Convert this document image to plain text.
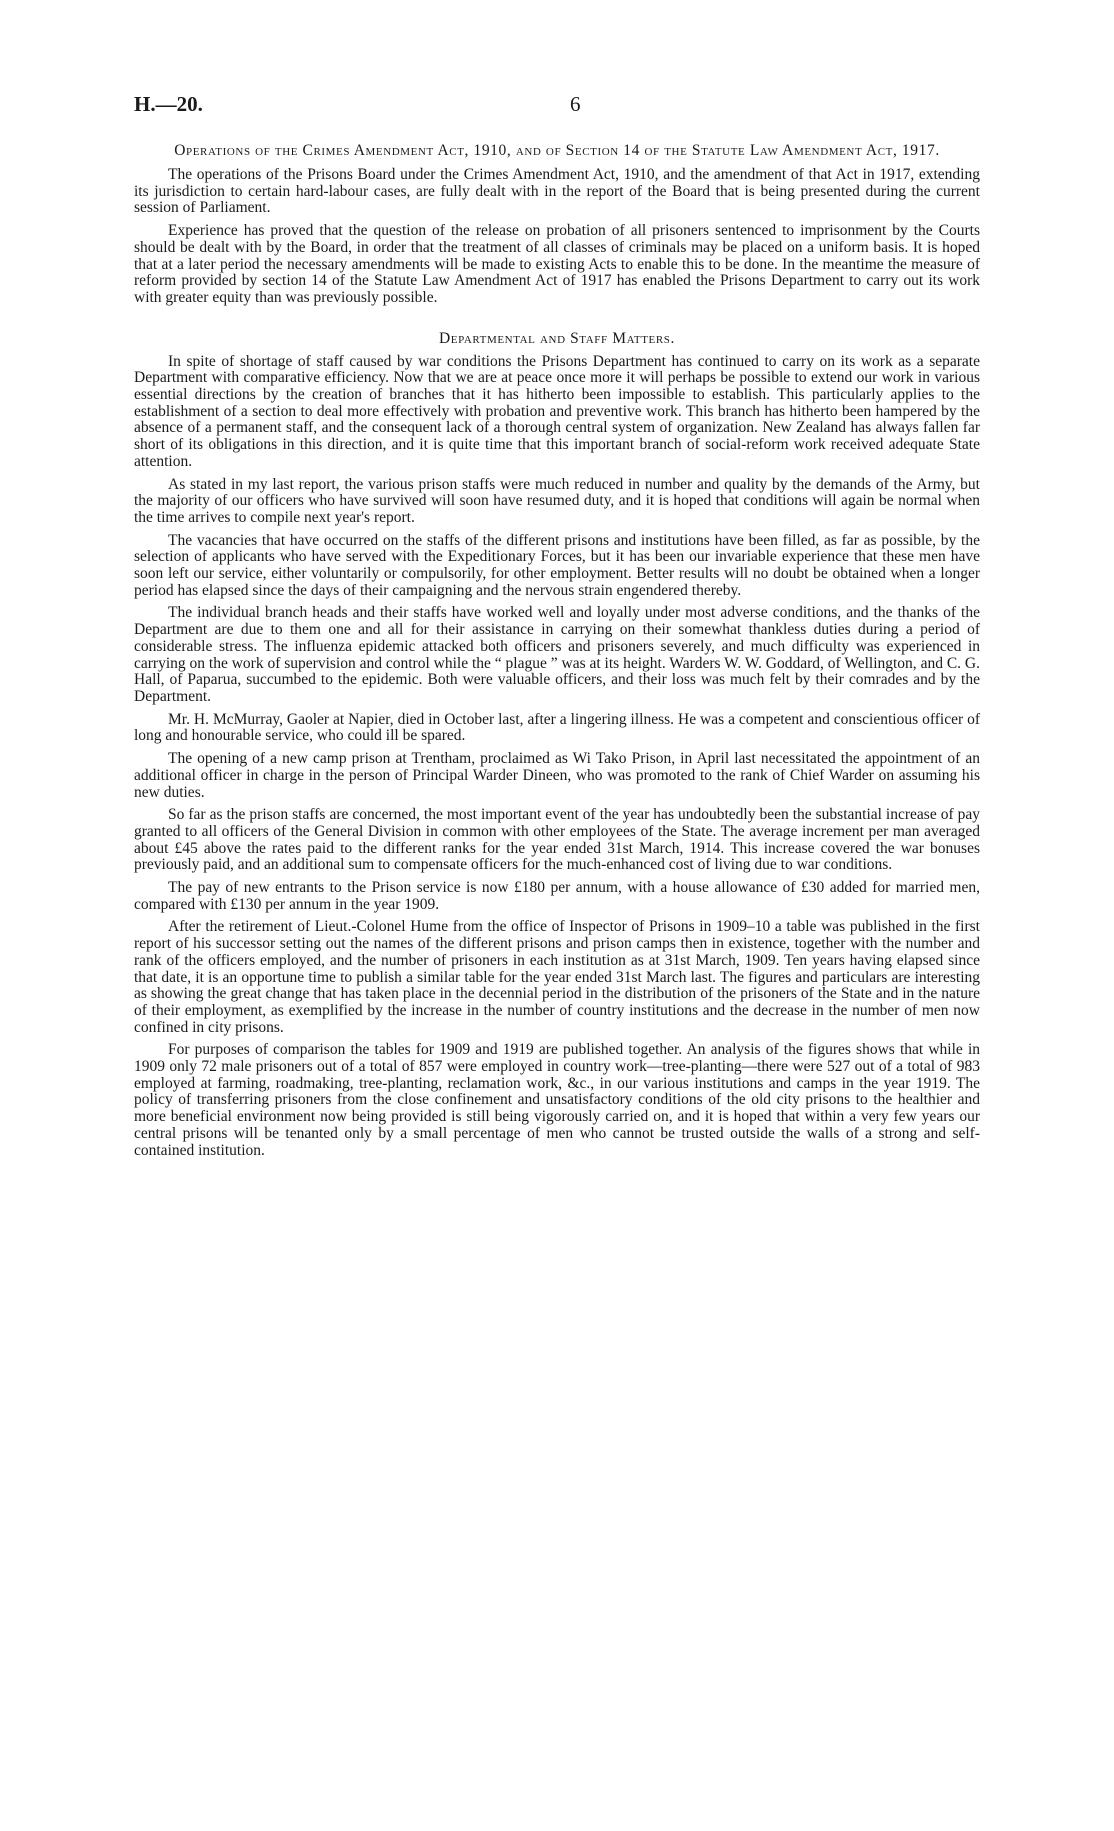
H.—20.	6
Operations of the Crimes Amendment Act, 1910, and of Section 14 of the Statute Law Amendment Act, 1917.

The operations of the Prisons Board under the Crimes Amendment Act, 1910, and the amendment of that Act in 1917, extending its jurisdiction to certain hard-labour cases, are fully dealt with in the report of the Board that is being presented during the current session of Parliament.

Experience has proved that the question of the release on probation of all prisoners sentenced to imprisonment by the Courts should be dealt with by the Board, in order that the treatment of all classes of criminals may be placed on a uniform basis. It is hoped that at a later period the necessary amendments will be made to existing Acts to enable this to be done. In the meantime the measure of reform provided by section 14 of the Statute Law Amendment Act of 1917 has enabled the Prisons Department to carry out its work with greater equity than was previously possible.

Departmental and Staff Matters.

In spite of shortage of staff caused by war conditions the Prisons Department has continued to carry on its work as a separate Department with comparative efficiency. Now that we are at peace once more it will perhaps be possible to extend our work in various essential directions by the creation of branches that it has hitherto been impossible to establish. This particularly applies to the establishment of a section to deal more effectively with probation and preventive work. This branch has hitherto been hampered by the absence of a permanent staff, and the consequent lack of a thorough central system of organization. New Zealand has always fallen far short of its obligations in this direction, and it is quite time that this important branch of social-reform work received adequate State attention.

As stated in my last report, the various prison staffs were much reduced in number and quality by the demands of the Army, but the majority of our officers who have survived will soon have resumed duty, and it is hoped that conditions will again be normal when the time arrives to compile next year's report.

The vacancies that have occurred on the staffs of the different prisons and institutions have been filled, as far as possible, by the selection of applicants who have served with the Expeditionary Forces, but it has been our invariable experience that these men have soon left our service, either voluntarily or compulsorily, for other employment. Better results will no doubt be obtained when a longer period has elapsed since the days of their campaigning and the nervous strain engendered thereby.

The individual branch heads and their staffs have worked well and loyally under most adverse conditions, and the thanks of the Department are due to them one and all for their assistance in carrying on their somewhat thankless duties during a period of considerable stress. The influenza epidemic attacked both officers and prisoners severely, and much difficulty was experienced in carrying on the work of supervision and control while the “ plague ” was at its height. Warders W. W. Goddard, of Wellington, and C. G. Hall, of Paparua, succumbed to the epidemic. Both were valuable officers, and their loss was much felt by their comrades and by the Department.

Mr. H. McMurray, Gaoler at Napier, died in October last, after a lingering illness. He was a competent and conscientious officer of long and honourable service, who could ill be spared.

The opening of a new camp prison at Trentham, proclaimed as Wi Tako Prison, in April last necessitated the appointment of an additional officer in charge in the person of Principal Warder Dineen, who was promoted to the rank of Chief Warder on assuming his new duties.

So far as the prison staffs are concerned, the most important event of the year has undoubtedly been the substantial increase of pay granted to all officers of the General Division in common with other employees of the State. The average increment per man averaged about £45 above the rates paid to the different ranks for the year ended 31st March, 1914. This increase covered the war bonuses previously paid, and an additional sum to compensate officers for the much-enhanced cost of living due to war conditions.

The pay of new entrants to the Prison service is now £180 per annum, with a house allowance of £30 added for married men, compared with £130 per annum in the year 1909.

After the retirement of Lieut.-Colonel Hume from the office of Inspector of Prisons in 1909–10 a table was published in the first report of his successor setting out the names of the different prisons and prison camps then in existence, together with the number and rank of the officers employed, and the number of prisoners in each institution as at 31st March, 1909. Ten years having elapsed since that date, it is an opportune time to publish a similar table for the year ended 31st March last. The figures and particulars are interesting as showing the great change that has taken place in the decennial period in the distribution of the prisoners of the State and in the nature of their employment, as exemplified by the increase in the number of country institutions and the decrease in the number of men now confined in city prisons.

For purposes of comparison the tables for 1909 and 1919 are published together. An analysis of the figures shows that while in 1909 only 72 male prisoners out of a total of 857 were employed in country work—tree-planting—there were 527 out of a total of 983 employed at farming, roadmaking, tree-planting, reclamation work, &c., in our various institutions and camps in the year 1919. The policy of transferring prisoners from the close confinement and unsatisfactory conditions of the old city prisons to the healthier and more beneficial environment now being provided is still being vigorously carried on, and it is hoped that within a very few years our central prisons will be tenanted only by a small percentage of men who cannot be trusted outside the walls of a strong and self-contained institution.
